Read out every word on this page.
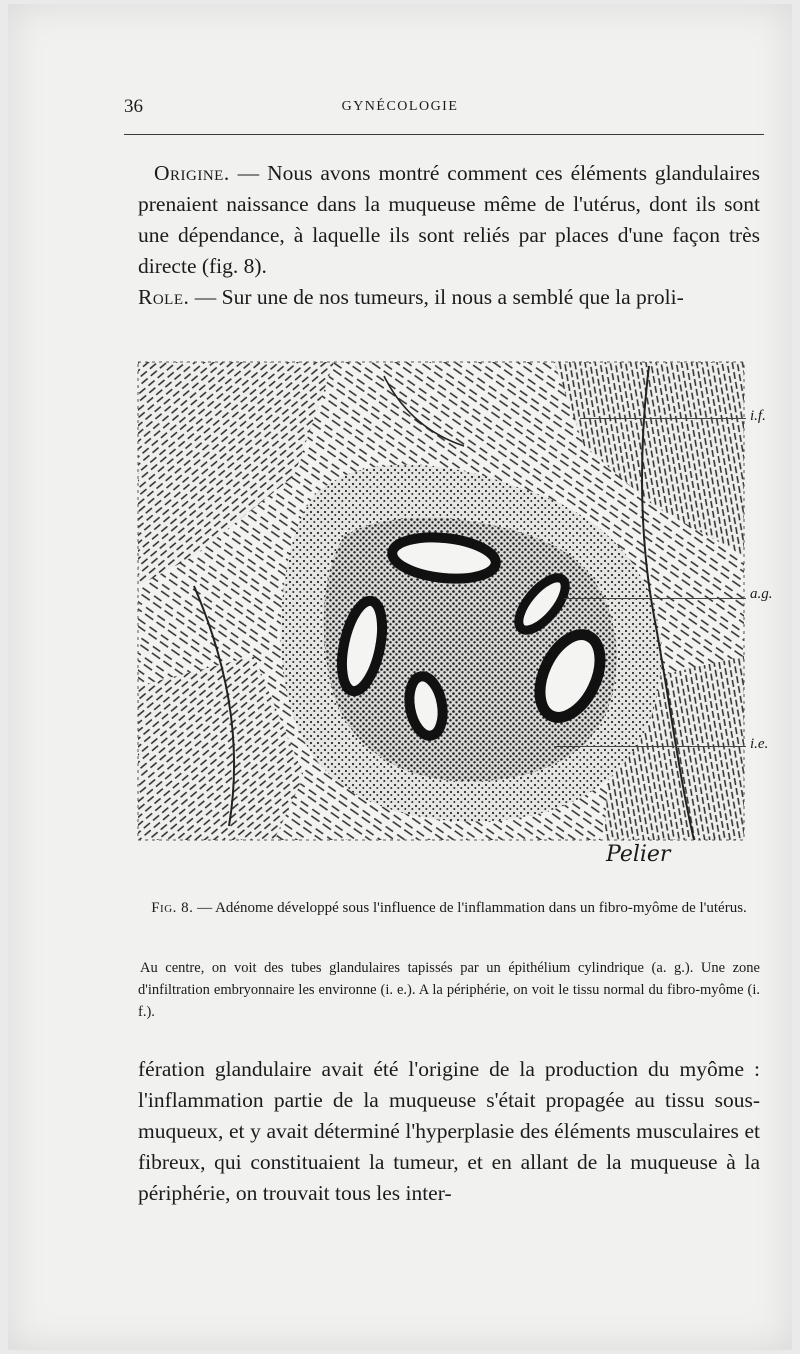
36	GYNÉCOLOGIE
Origine. — Nous avons montré comment ces éléments glandulaires prenaient naissance dans la muqueuse même de l'utérus, dont ils sont une dépendance, à laquelle ils sont reliés par places d'une façon très directe (fig. 8).
Role. — Sur une de nos tumeurs, il nous a semblé que la proli-
i.f.
a.g.
i.e.
Pelier
Fig. 8. — Adénome développé sous l'influence de l'inflammation dans un fibro-myôme de l'utérus.
Au centre, on voit des tubes glandulaires tapissés par un épithélium cylindrique (a. g.). Une zone d'infiltration embryonnaire les environne (i. e.). A la périphérie, on voit le tissu normal du fibro-myôme (i. f.).
fération glandulaire avait été l'origine de la production du myôme : l'inflammation partie de la muqueuse s'était propagée au tissu sous-muqueux, et y avait déterminé l'hyperplasie des éléments musculaires et fibreux, qui constituaient la tumeur, et en allant de la muqueuse à la périphérie, on trouvait tous les inter-
